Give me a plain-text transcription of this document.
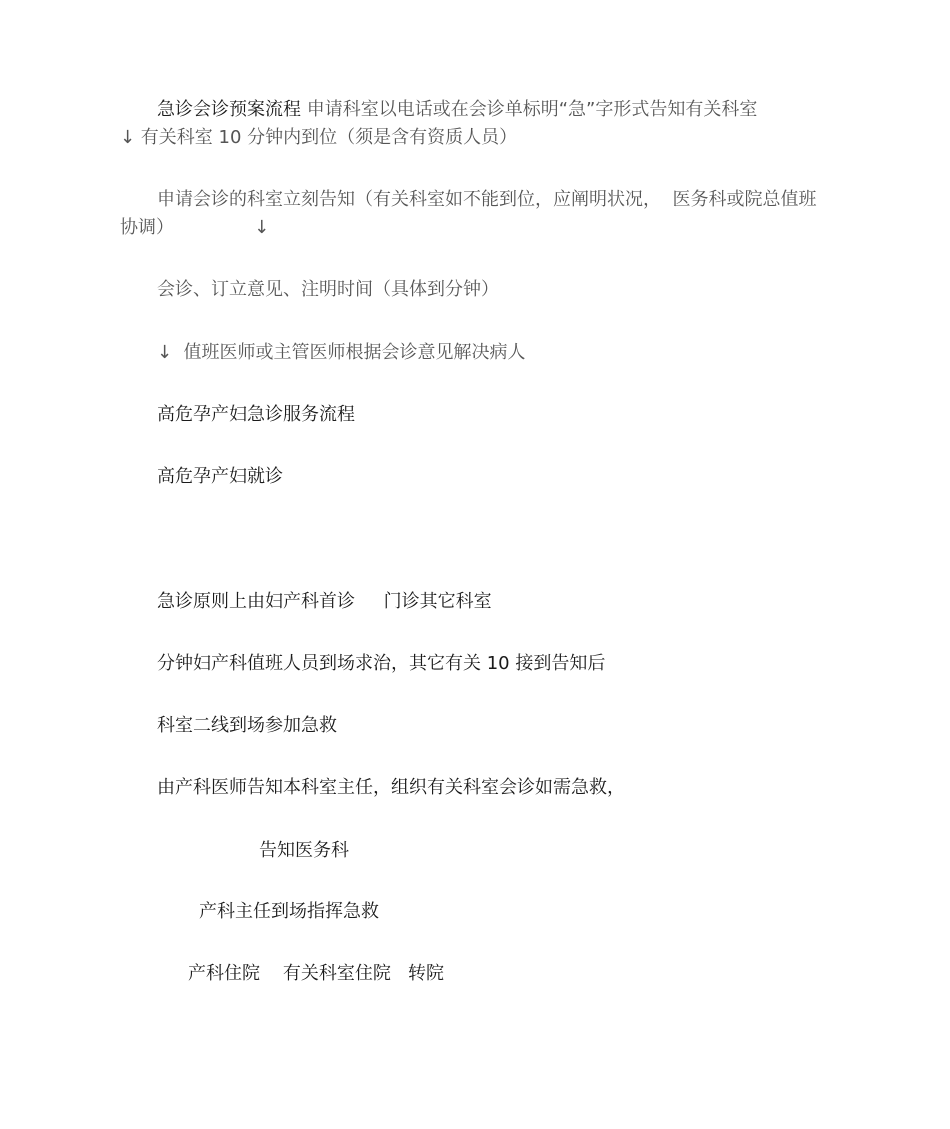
急诊会诊预案流程 申请科室以电话或在会诊单标明“急”字形式告知有关科室
↓ 有关科室 10 分钟内到位（须是含有资质人员）
申请会诊的科室立刻告知（有关科室如不能到位，应阐明状况，  医务科或院总值班
协调）              ↓
会诊、订立意见、注明时间（具体到分钟）
↓  值班医师或主管医师根据会诊意见解决病人
高危孕产妇急诊服务流程
高危孕产妇就诊
急诊原则上由妇产科首诊     门诊其它科室
分钟妇产科值班人员到场求治，其它有关 10 接到告知后
科室二线到场参加急救
由产科医师告知本科室主任，组织有关科室会诊如需急救，
告知医务科
产科主任到场指挥急救
产科住院    有关科室住院   转院
